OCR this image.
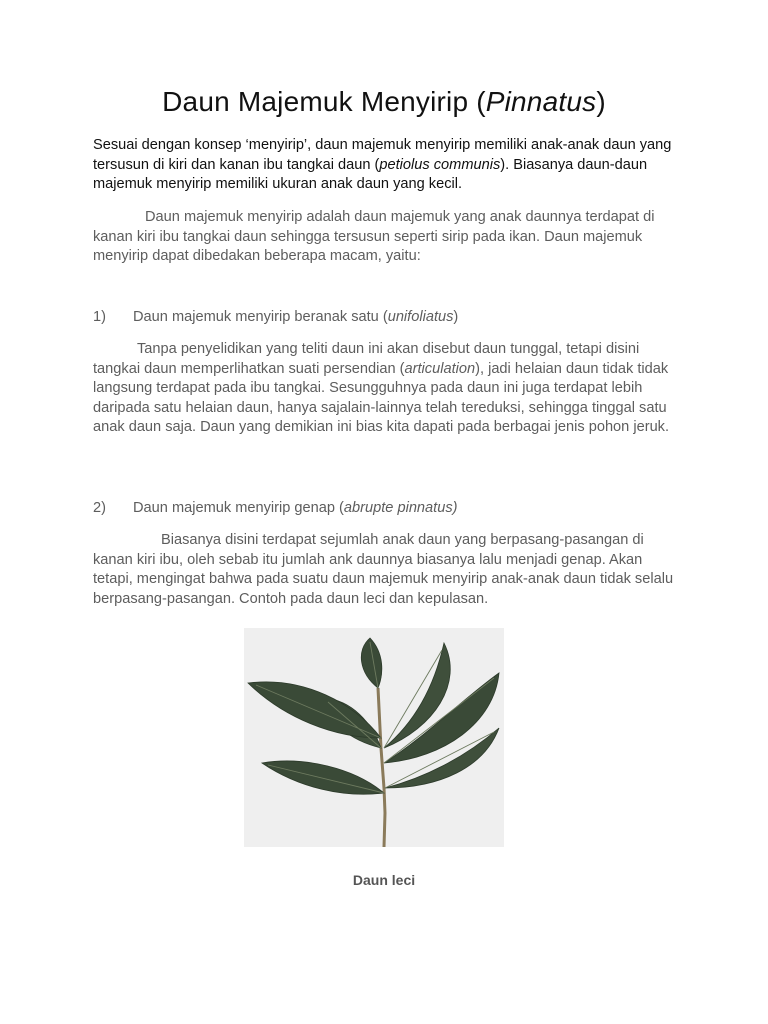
Daun Majemuk Menyirip (Pinnatus)

Sesuai dengan konsep ‘menyirip’, daun majemuk menyirip memiliki anak-anak daun yang tersusun di kiri dan kanan ibu tangkai daun (petiolus communis). Biasanya daun-daun majemuk menyirip memiliki ukuran anak daun yang kecil.

Daun majemuk menyirip adalah daun majemuk yang anak daunnya terdapat di kanan kiri ibu tangkai daun sehingga tersusun seperti sirip pada ikan. Daun majemuk menyirip dapat dibedakan beberapa macam, yaitu:

1) Daun majemuk menyirip beranak satu (unifoliatus)

Tanpa penyelidikan yang teliti daun ini akan disebut daun tunggal, tetapi disini tangkai daun memperlihatkan suati persendian (articulation), jadi helaian daun tidak tidak langsung terdapat pada ibu tangkai. Sesungguhnya pada daun ini juga terdapat lebih daripada satu helaian daun, hanya sajalain-lainnya telah tereduksi, sehingga tinggal satu anak daun saja. Daun yang demikian ini bias kita dapati pada berbagai jenis pohon jeruk.

2) Daun majemuk menyirip genap (abrupte pinnatus)

Biasanya disini terdapat sejumlah anak daun yang berpasang-pasangan di kanan kiri ibu, oleh sebab itu jumlah ank daunnya biasanya lalu menjadi genap. Akan tetapi, mengingat bahwa pada suatu daun majemuk menyirip anak-anak daun tidak selalu berpasang-pasangan. Contoh pada daun leci dan kepulasan.

Daun leci
